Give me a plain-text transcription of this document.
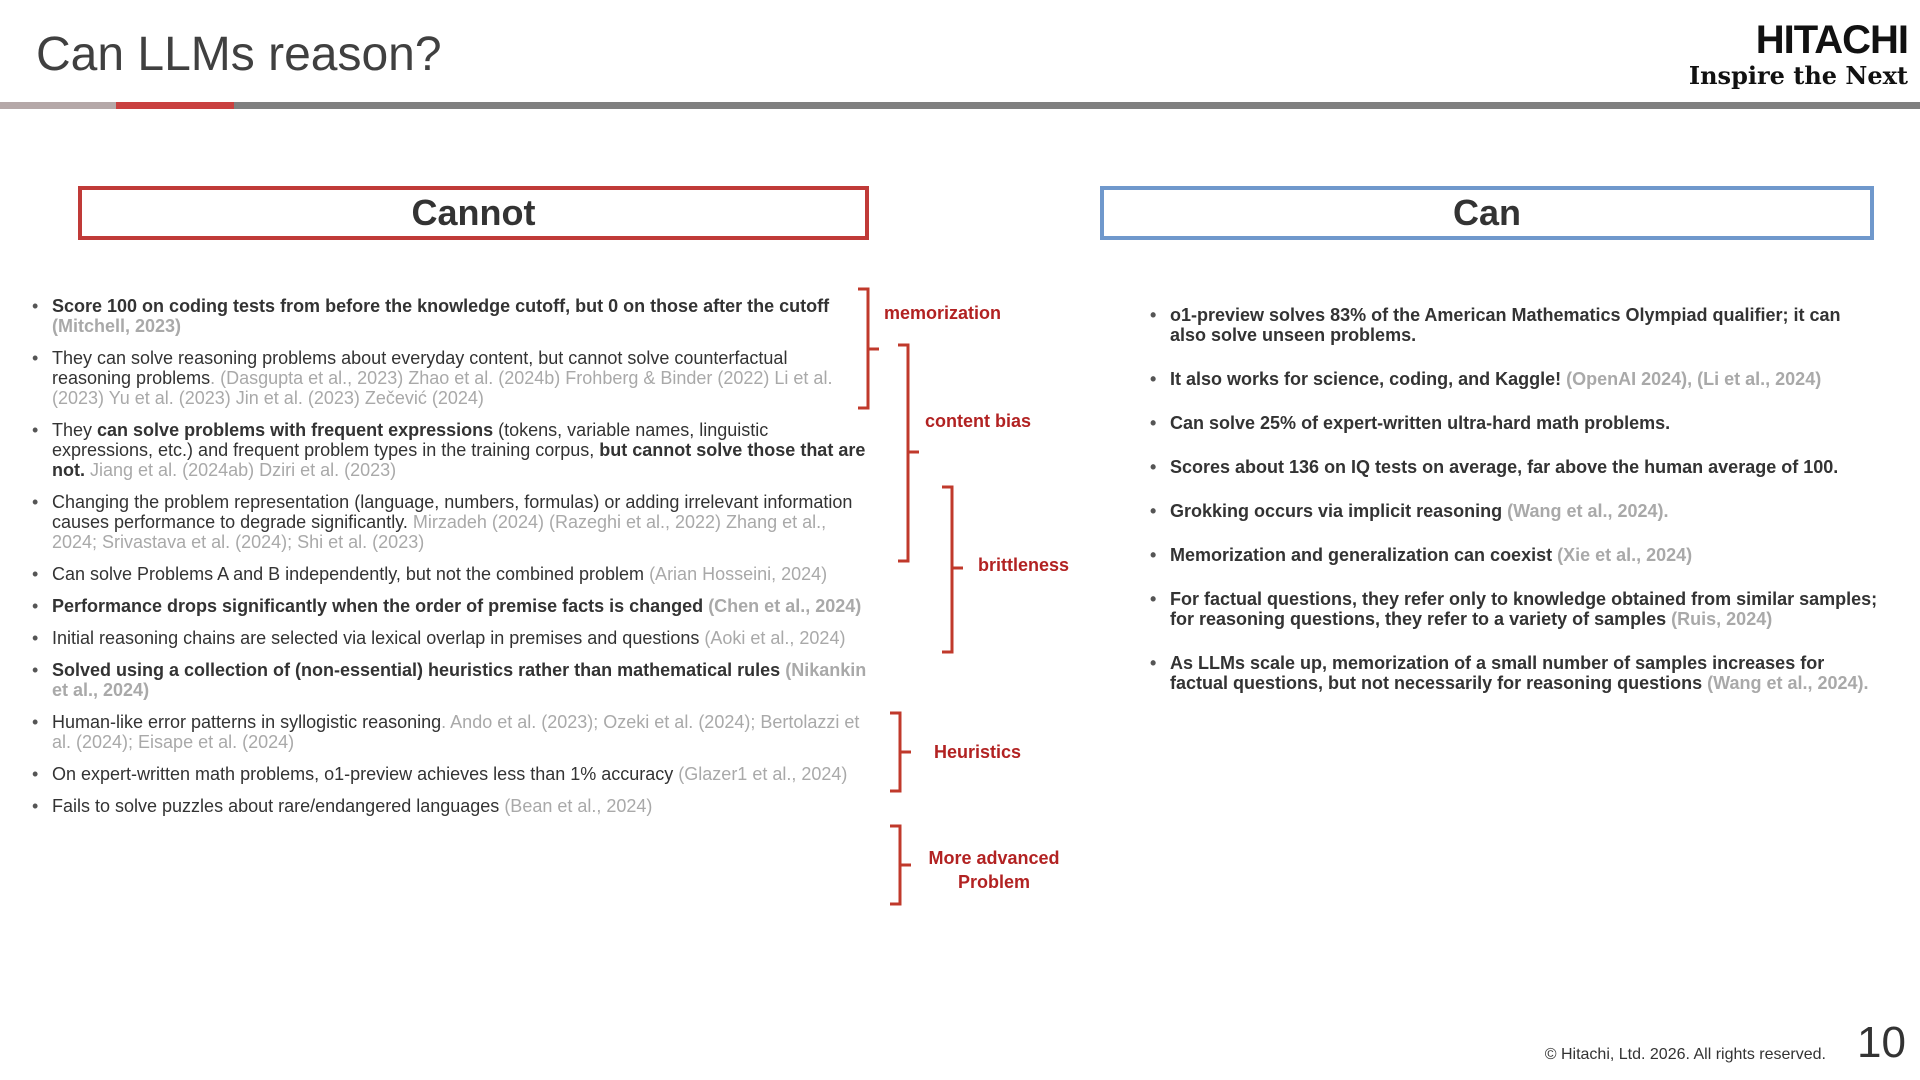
Can LLMs reason?	HITACHI
Inspire the Next
Cannot	Can
• Score 100 on coding tests from before the knowledge cutoff, but 0 on those after the cutoff (Mitchell, 2023)
• They can solve reasoning problems about everyday content, but cannot solve counterfactual reasoning problems. (Dasgupta et al., 2023) Zhao et al. (2024b) Frohberg & Binder (2022) Li et al. (2023) Yu et al. (2023) Jin et al. (2023) Zečević (2024)
• They can solve problems with frequent expressions (tokens, variable names, linguistic expressions, etc.) and frequent problem types in the training corpus, but cannot solve those that are not. Jiang et al. (2024ab) Dziri et al. (2023)
• Changing the problem representation (language, numbers, formulas) or adding irrelevant information causes performance to degrade significantly. Mirzadeh (2024) (Razeghi et al., 2022) Zhang et al., 2024; Srivastava et al. (2024); Shi et al. (2023)
• Can solve Problems A and B independently, but not the combined problem (Arian Hosseini, 2024)
• Performance drops significantly when the order of premise facts is changed (Chen et al., 2024)
• Initial reasoning chains are selected via lexical overlap in premises and questions (Aoki et al., 2024)
• Solved using a collection of (non-essential) heuristics rather than mathematical rules (Nikankin et al., 2024)
• Human-like error patterns in syllogistic reasoning. Ando et al. (2023); Ozeki et al. (2024); Bertolazzi et al. (2024); Eisape et al. (2024)
• On expert-written math problems, o1-preview achieves less than 1% accuracy (Glazer1 et al., 2024)
• Fails to solve puzzles about rare/endangered languages (Bean et al., 2024)
• o1-preview solves 83% of the American Mathematics Olympiad qualifier; it can also solve unseen problems.
• It also works for science, coding, and Kaggle! (OpenAI 2024), (Li et al., 2024)
• Can solve 25% of expert-written ultra-hard math problems.
• Scores about 136 on IQ tests on average, far above the human average of 100.
• Grokking occurs via implicit reasoning (Wang et al., 2024).
• Memorization and generalization can coexist (Xie et al., 2024)
• For factual questions, they refer only to knowledge obtained from similar samples; for reasoning questions, they refer to a variety of samples (Ruis, 2024)
• As LLMs scale up, memorization of a small number of samples increases for factual questions, but not necessarily for reasoning questions (Wang et al., 2024).
memorization
content bias
brittleness
Heuristics
More advanced
Problem
© Hitachi, Ltd. 2026. All rights reserved. 10
